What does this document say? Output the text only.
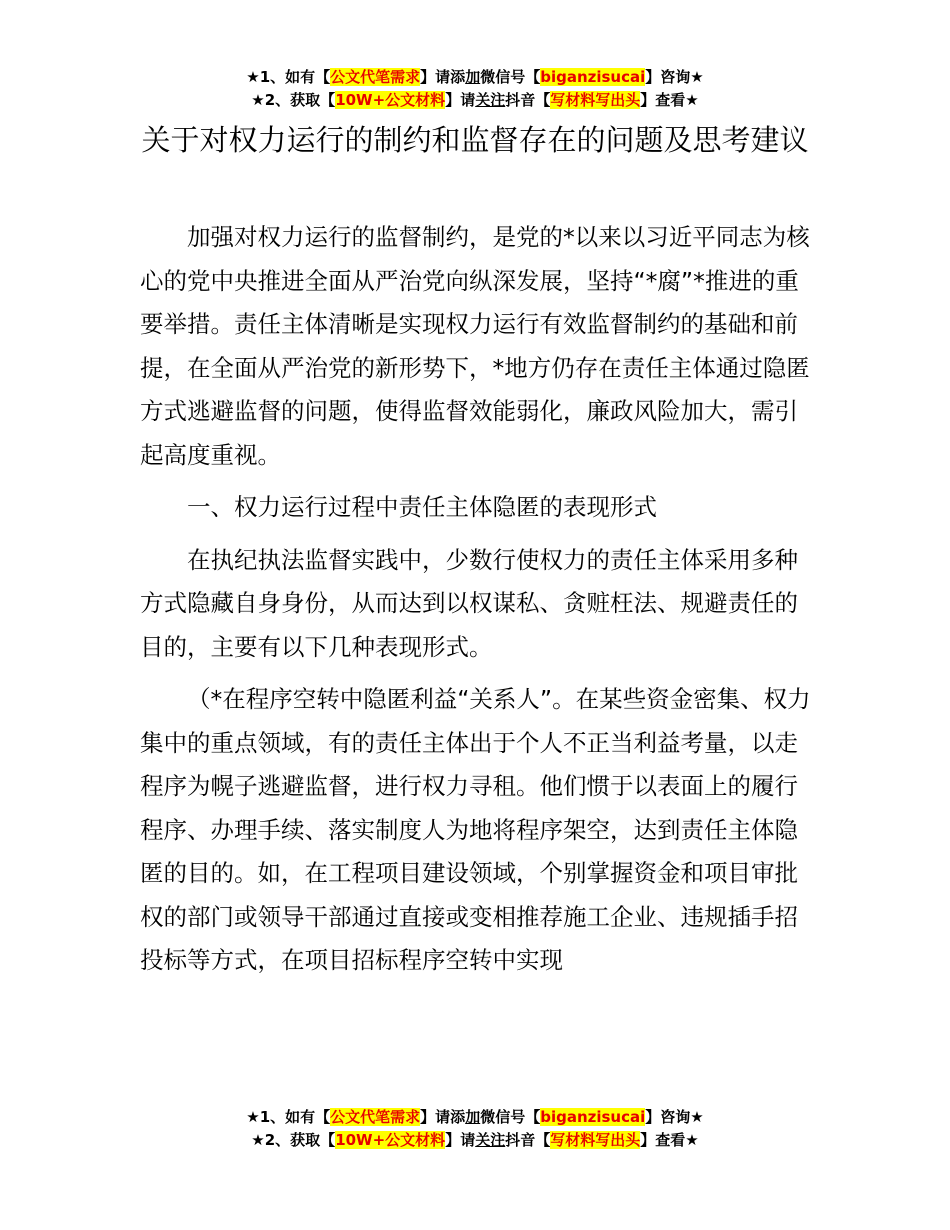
★1、如有【公文代笔需求】请添加微信号【biganzisucai】咨询★
★2、获取【10W+公文材料】请关注抖音【写材料写出头】查看★
关于对权力运行的制约和监督存在的问题及思考建议

加强对权力运行的监督制约，是党的*以来以习近平同志为核心的党中央推进全面从严治党向纵深发展，坚持“*腐”*推进的重要举措。责任主体清晰是实现权力运行有效监督制约的基础和前提，在全面从严治党的新形势下，*地方仍存在责任主体通过隐匿方式逃避监督的问题，使得监督效能弱化，廉政风险加大，需引起高度重视。

一、权力运行过程中责任主体隐匿的表现形式

在执纪执法监督实践中，少数行使权力的责任主体采用多种方式隐藏自身身份，从而达到以权谋私、贪赃枉法、规避责任的目的，主要有以下几种表现形式。

（*在程序空转中隐匿利益“关系人”。在某些资金密集、权力集中的重点领域，有的责任主体出于个人不正当利益考量，以走程序为幌子逃避监督，进行权力寻租。他们惯于以表面上的履行程序、办理手续、落实制度人为地将程序架空，达到责任主体隐匿的目的。如，在工程项目建设领域，个别掌握资金和项目审批权的部门或领导干部通过直接或变相推荐施工企业、违规插手招投标等方式，在项目招标程序空转中实现

★1、如有【公文代笔需求】请添加微信号【biganzisucai】咨询★
★2、获取【10W+公文材料】请关注抖音【写材料写出头】查看★
